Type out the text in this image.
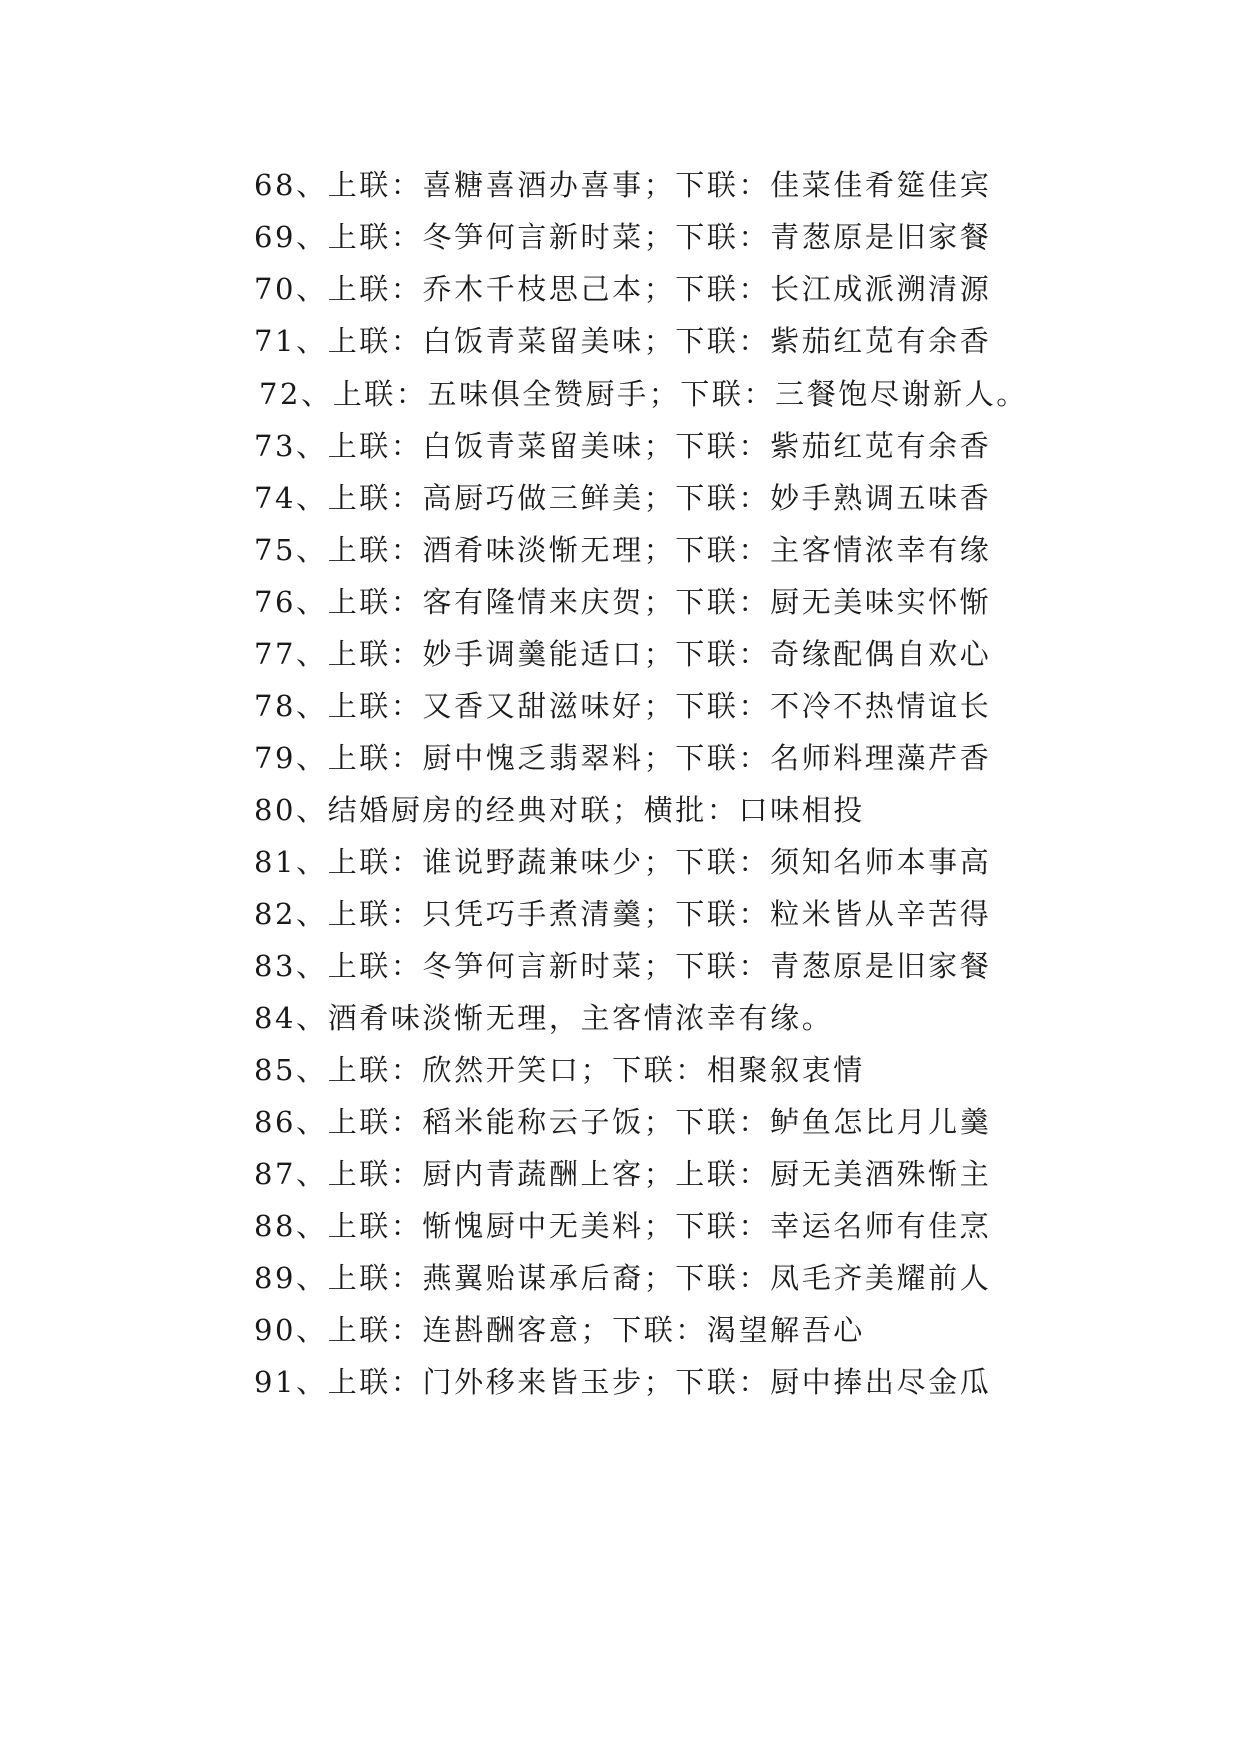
68、上联：喜糖喜酒办喜事；下联：佳菜佳肴筵佳宾
69、上联：冬笋何言新时菜；下联：青葱原是旧家餐
70、上联：乔木千枝思己本；下联：长江成派溯清源
71、上联：白饭青菜留美味；下联：紫茄红苋有余香
72、上联：五味俱全赞厨手；下联：三餐饱尽谢新人。
73、上联：白饭青菜留美味；下联：紫茄红苋有余香
74、上联：高厨巧做三鲜美；下联：妙手熟调五味香
75、上联：酒肴味淡惭无理；下联：主客情浓幸有缘
76、上联：客有隆情来庆贺；下联：厨无美味实怀惭
77、上联：妙手调羹能适口；下联：奇缘配偶自欢心
78、上联：又香又甜滋味好；下联：不冷不热情谊长
79、上联：厨中愧乏翡翠料；下联：名师料理藻芹香
80、结婚厨房的经典对联；横批：口味相投
81、上联：谁说野蔬兼味少；下联：须知名师本事高
82、上联：只凭巧手煮清羹；下联：粒米皆从辛苦得
83、上联：冬笋何言新时菜；下联：青葱原是旧家餐
84、酒肴味淡惭无理，主客情浓幸有缘。
85、上联：欣然开笑口；下联：相聚叙衷情
86、上联：稻米能称云子饭；下联：鲈鱼怎比月儿羹
87、上联：厨内青蔬酬上客；上联：厨无美酒殊惭主
88、上联：惭愧厨中无美料；下联：幸运名师有佳烹
89、上联：燕翼贻谋承后裔；下联：凤毛齐美耀前人
90、上联：连斟酬客意；下联：渴望解吾心
91、上联：门外移来皆玉步；下联：厨中捧出尽金瓜
